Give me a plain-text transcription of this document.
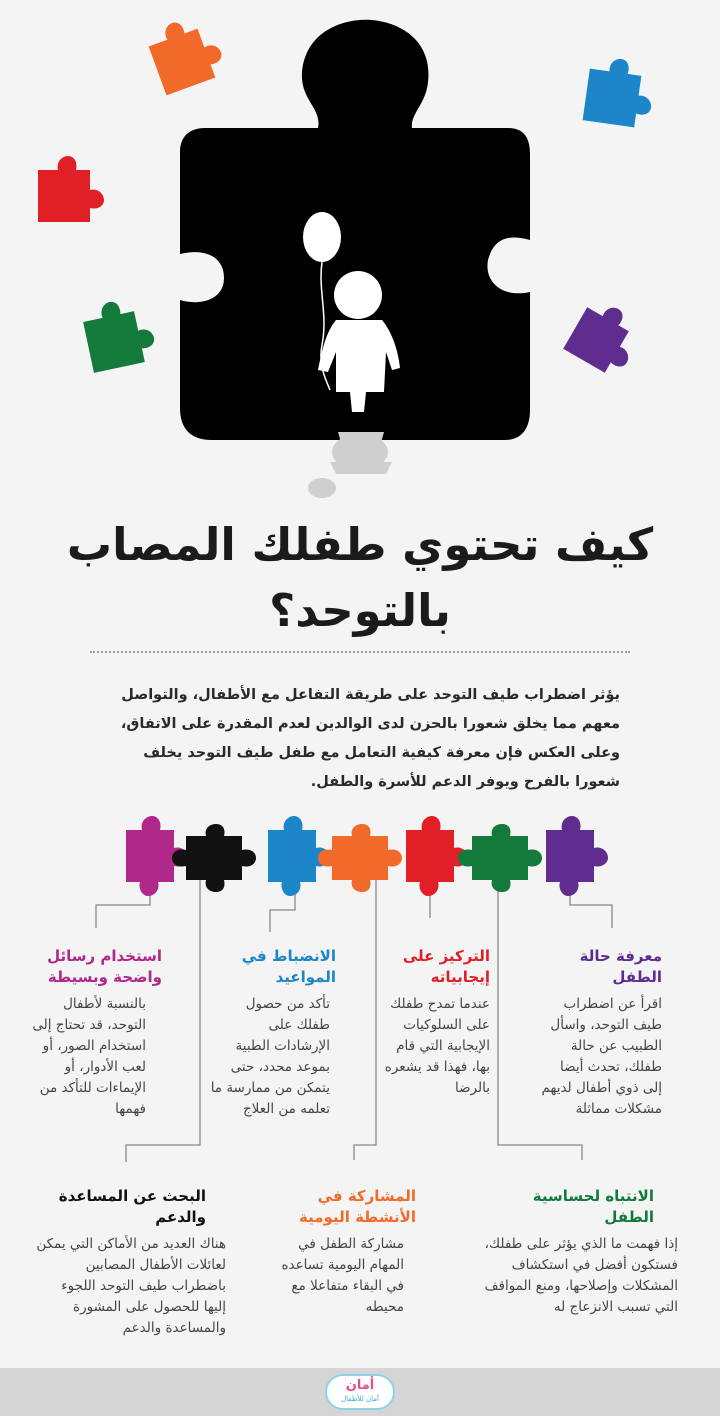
كيف تحتوي طفلك المصاب بالتوحد؟
يؤثر اضطراب طيف التوحد على طريقة التفاعل مع الأطفال، والتواصل معهم مما يخلق شعورا بالحزن لدى الوالدين لعدم المقدرة على الاتفاق، وعلى العكس فإن معرفة كيفية التعامل مع طفل طيف التوحد يخلف شعورا بالفرح ويوفر الدعم للأسرة والطفل.
معرفة حالة الطفل
اقرأ عن اضطراب طيف التوحد، واسأل الطبيب عن حالة طفلك، تحدث أيضا إلى ذوي أطفال لديهم مشكلات مماثلة
التركيز على إيجابياته
عندما تمدح طفلك على السلوكيات الإيجابية التي قام بها، فهذا قد يشعره بالرضا
الانضباط في المواعيد
تأكد من حصول طفلك على الإرشادات الطبية بموعد محدد، حتى يتمكن من ممارسة ما تعلمه من العلاج
استخدام رسائل واضحة وبسيطة
بالنسبة لأطفال التوحد، قد تحتاج إلى استخدام الصور، أو لعب الأدوار، أو الإيماءات للتأكد من فهمها
الانتباه لحساسية الطفل
إذا فهمت ما الذي يؤثر على طفلك، فستكون أفضل في استكشاف المشكلات وإصلاحها، ومنع المواقف التي تسبب الانزعاج له
المشاركة في الأنشطة اليومية
مشاركة الطفل في المهام اليومية تساعده في البقاء متفاعلا مع محيطه
البحث عن المساعدة والدعم
هناك العديد من الأماكن التي يمكن لعائلات الأطفال المصابين باضطراب طيف التوحد اللجوء إليها للحصول على المشورة والمساعدة والدعم
أمان
أمان للأطفال
